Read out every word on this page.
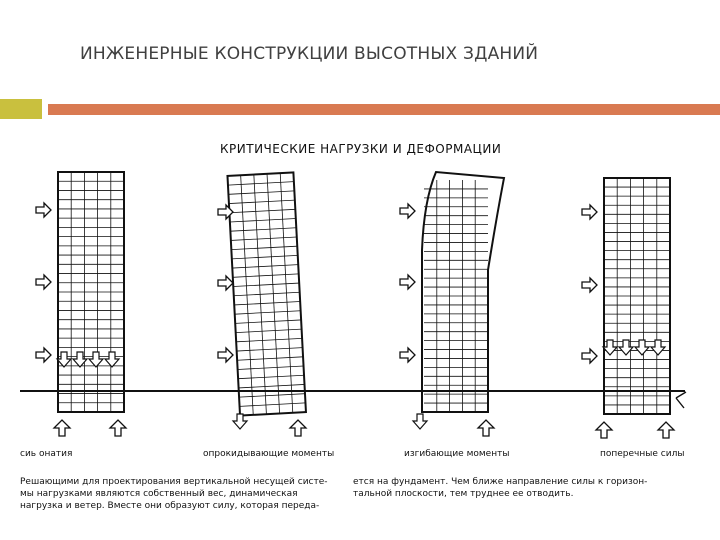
ИНЖЕНЕРНЫЕ КОНСТРУКЦИИ ВЫСОТНЫХ ЗДАНИЙ
КРИТИЧЕСКИЕ НАГРУЗКИ И ДЕФОРМАЦИИ
сиь онатия	опрокидывающие моменты	изгибающие моменты	поперечные силы
Решающими для проектирования вертикальной несущей систе-
мы нагрузками являются собственный вес, динамическая
нагрузка и ветер. Вместе они образуют силу, которая переда-
ется на фундамент. Чем ближе направление силы к горизон-
тальной плоскости, тем труднее ее отводить.
